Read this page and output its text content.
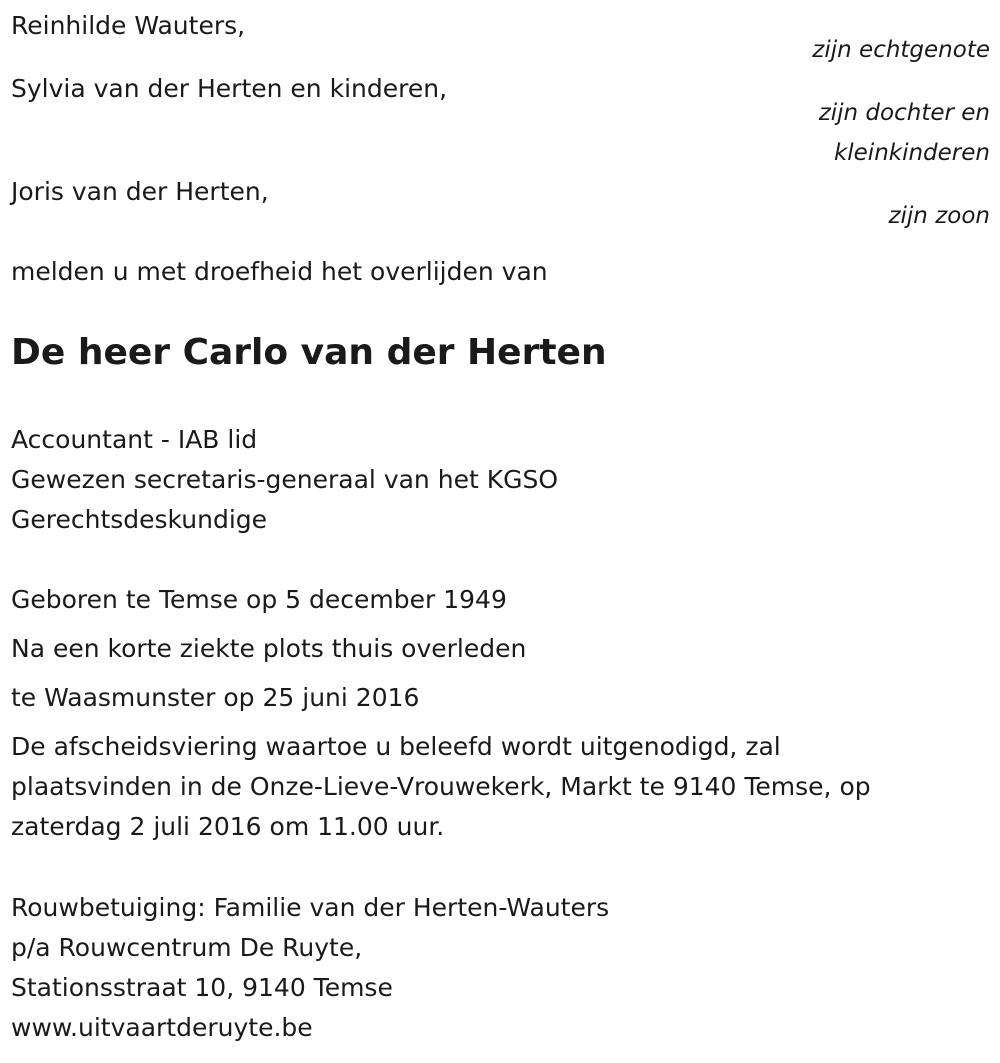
Reinhilde Wauters,
zijn echtgenote
Sylvia van der Herten en kinderen,
zijn dochter en
kleinkinderen
Joris van der Herten,
zijn zoon
melden u met droefheid het overlijden van
De heer Carlo van der Herten
Accountant - IAB lid
Gewezen secretaris-generaal van het KGSO
Gerechtsdeskundige
Geboren te Temse op 5 december 1949
Na een korte ziekte plots thuis overleden
te Waasmunster op 25 juni 2016
De afscheidsviering waartoe u beleefd wordt uitgenodigd, zal
plaatsvinden in de Onze-Lieve-Vrouwekerk, Markt te 9140 Temse, op
zaterdag 2 juli 2016 om 11.00 uur.
Rouwbetuiging: Familie van der Herten-Wauters
p/a Rouwcentrum De Ruyte,
Stationsstraat 10, 9140 Temse
www.uitvaartderuyte.be
